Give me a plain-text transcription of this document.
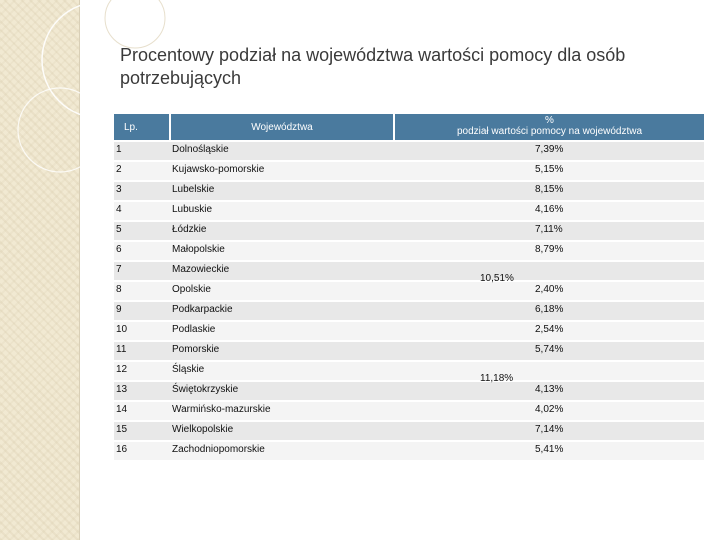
Procentowy podział na województwa wartości pomocy dla osób potrzebujących
Lp.	Województwa	%
podział wartości pomocy na województwa

1	Dolnośląskie	7,39%
2	Kujawsko-pomorskie	5,15%
3	Lubelskie	8,15%
4	Lubuskie	4,16%
5	Łódzkie	7,11%
6	Małopolskie	8,79%
7	Mazowieckie	10,51%
8	Opolskie	2,40%
9	Podkarpackie	6,18%
10	Podlaskie	2,54%
11	Pomorskie	5,74%
12	Śląskie	11,18%
13	Świętokrzyskie	4,13%
14	Warmińsko-mazurskie	4,02%
15	Wielkopolskie	7,14%
16	Zachodniopomorskie	5,41%
